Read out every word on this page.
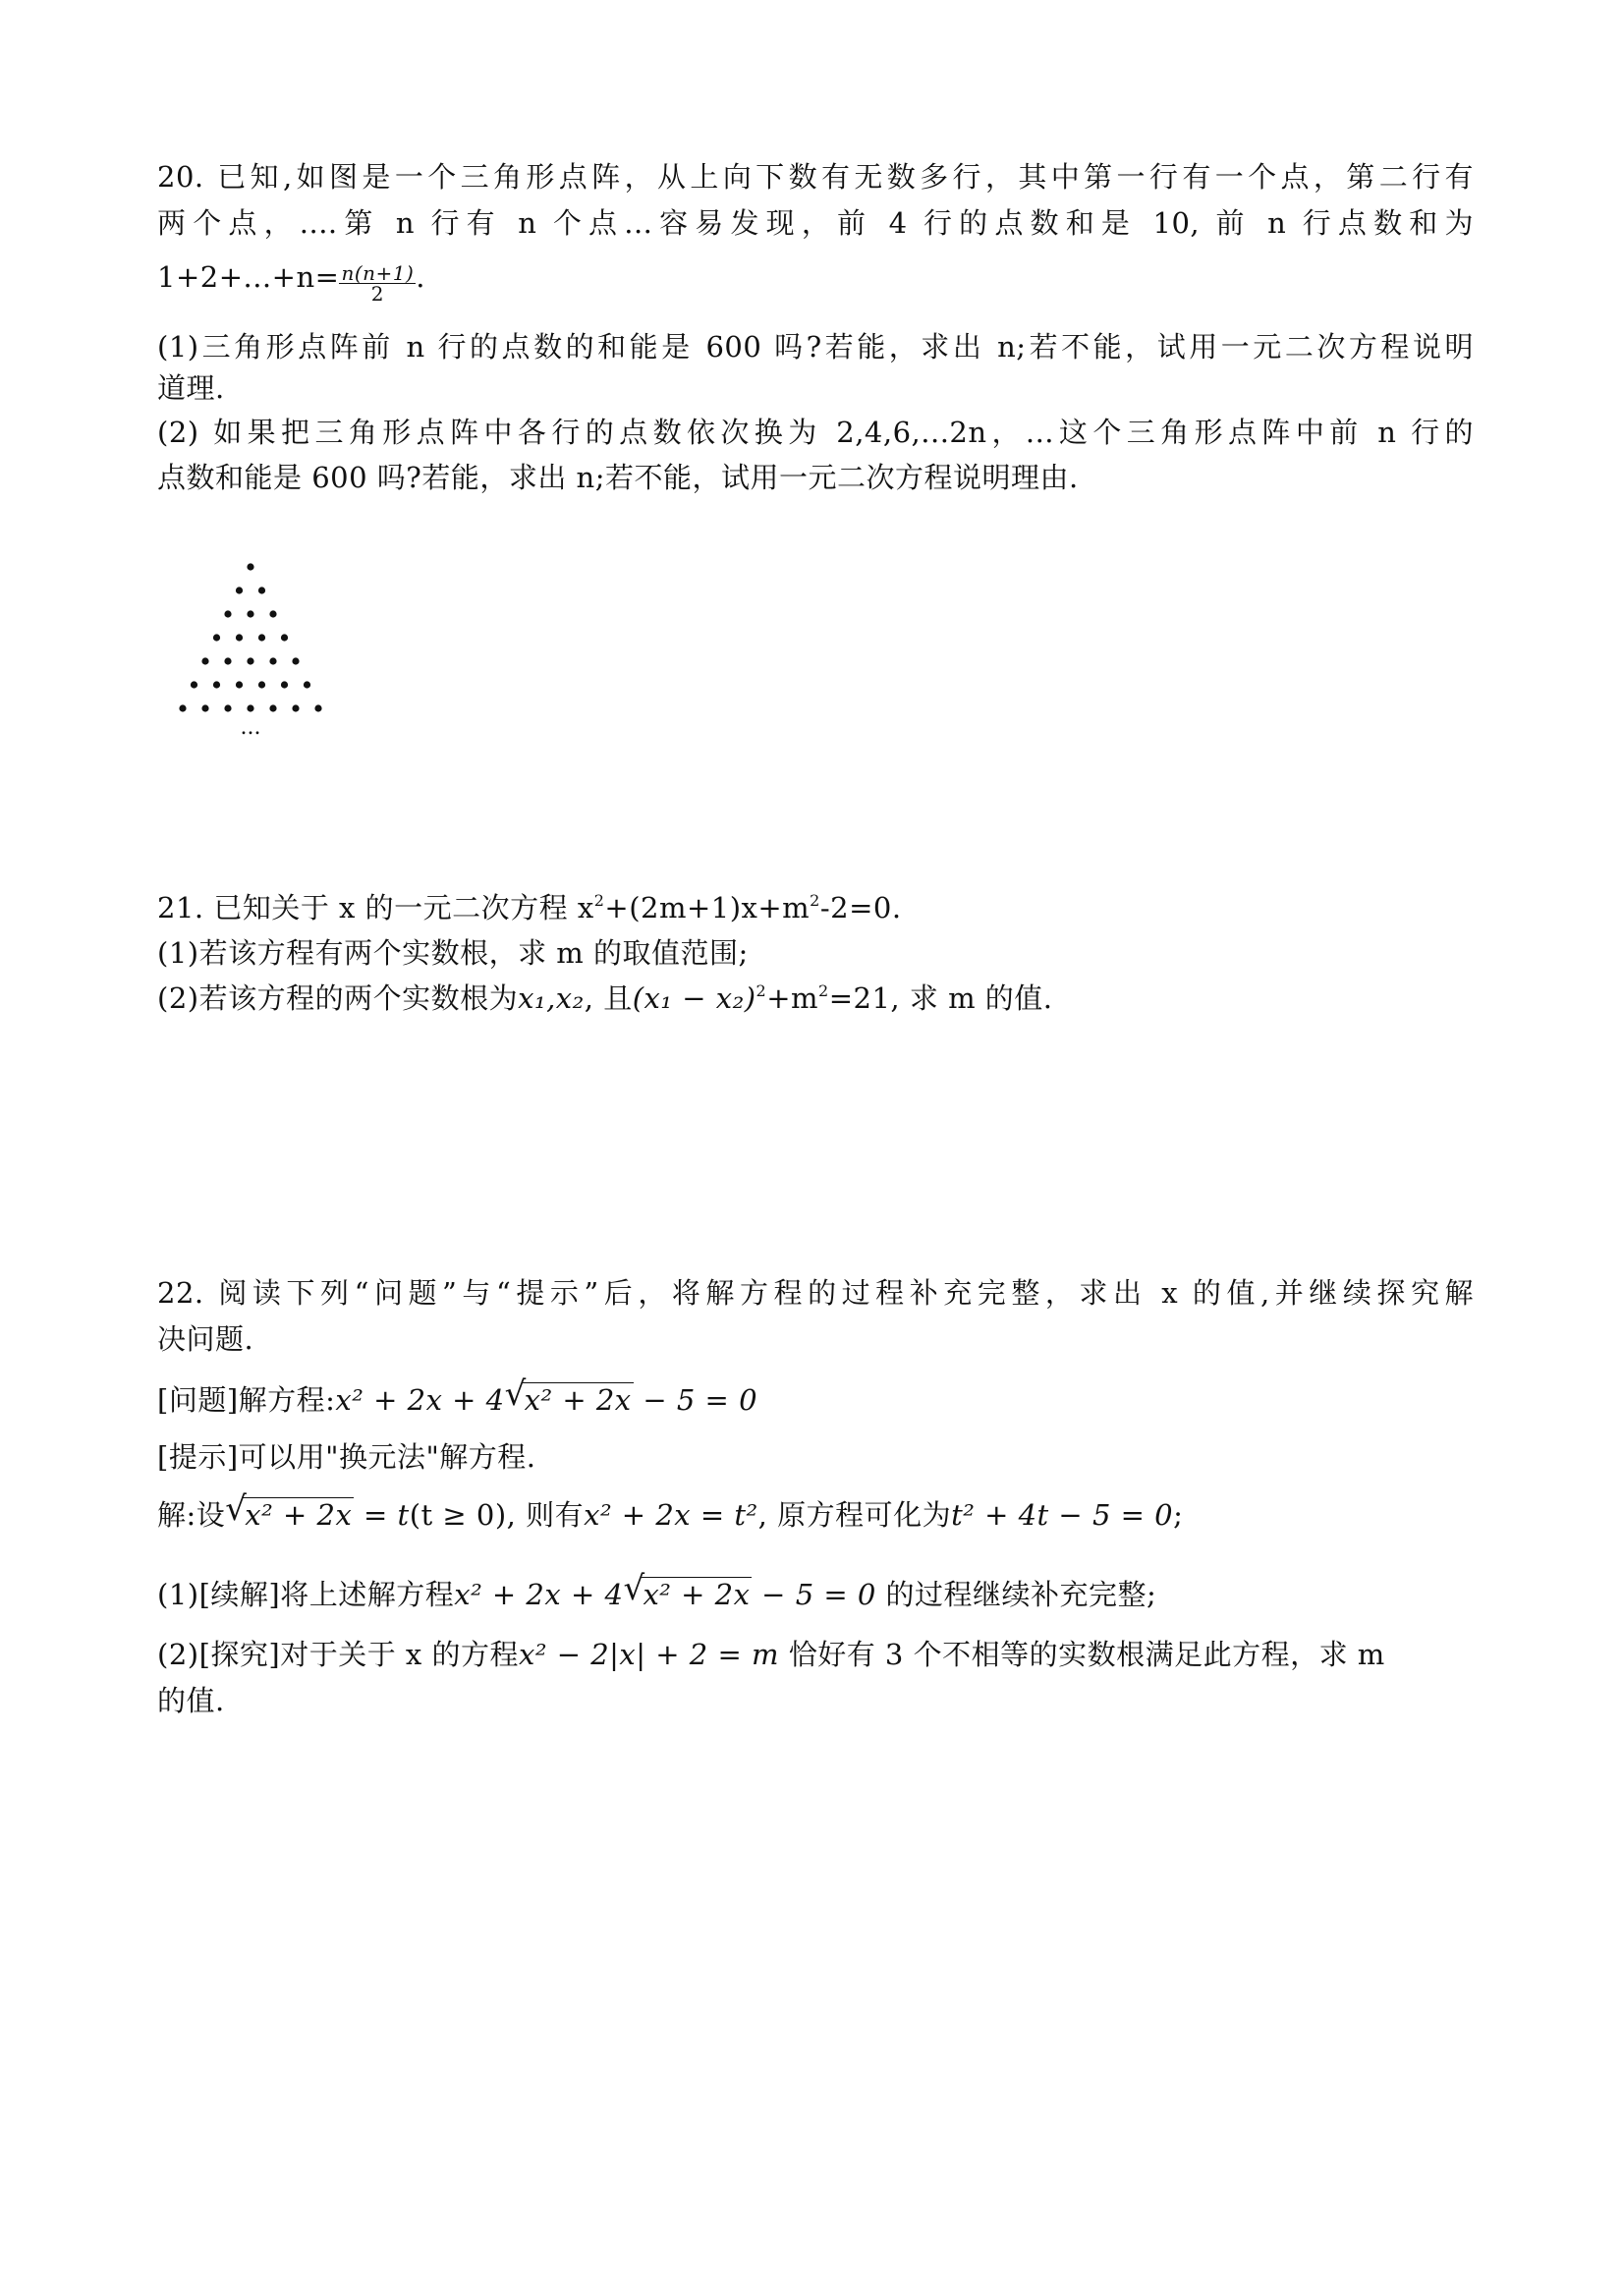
20. 已知,如图是一个三角形点阵，从上向下数有无数多行，其中第一行有一个点，第二行有
两个点，....第 n 行有 n 个点...容易发现，前 4 行的点数和是 10, 前 n 行点数和为
$1+2+...+n= \frac{n(n+1)}{2}$ .
(1)三角形点阵前 n 行的点数的和能是 600 吗?若能，求出 n;若不能，试用一元二次方程说明
道理.
(2) 如果把三角形点阵中各行的点数依次换为 2,4,6,...2n，...这个三角形点阵中前 n 行的
点数和能是 600 吗?若能，求出 n;若不能，试用一元二次方程说明理由.
...
21. 已知关于 x 的一元二次方程 $x^2+(2m+1)x+m^2-2=0$.
(1)若该方程有两个实数根，求 m 的取值范围;
(2)若该方程的两个实数根为x₁,x₂, 且$(x_1 - x_2)^2+m^2=21$, 求 m 的值.
22. 阅读下列“问题”与“提示”后，将解方程的过程补充完整，求出 x 的值,并继续探究解
决问题.
[问题]解方程:x² + 2x + 4 √
x² + 2x − 5 = 0
[提示]可以用"换元法"解方程.
解:设 √
x² + 2x = t(t ≥ 0), 则有x² + 2x = t², 原方程可化为t² + 4t − 5 = 0;
(1)[续解]将上述解方程x² + 2x + 4 √
x² + 2x − 5 = 0 的过程继续补充完整;
(2)[探究]对于关于 x 的方程x² − 2|x| + 2 = m 恰好有 3 个不相等的实数根满足此方程，求 m
的值.
